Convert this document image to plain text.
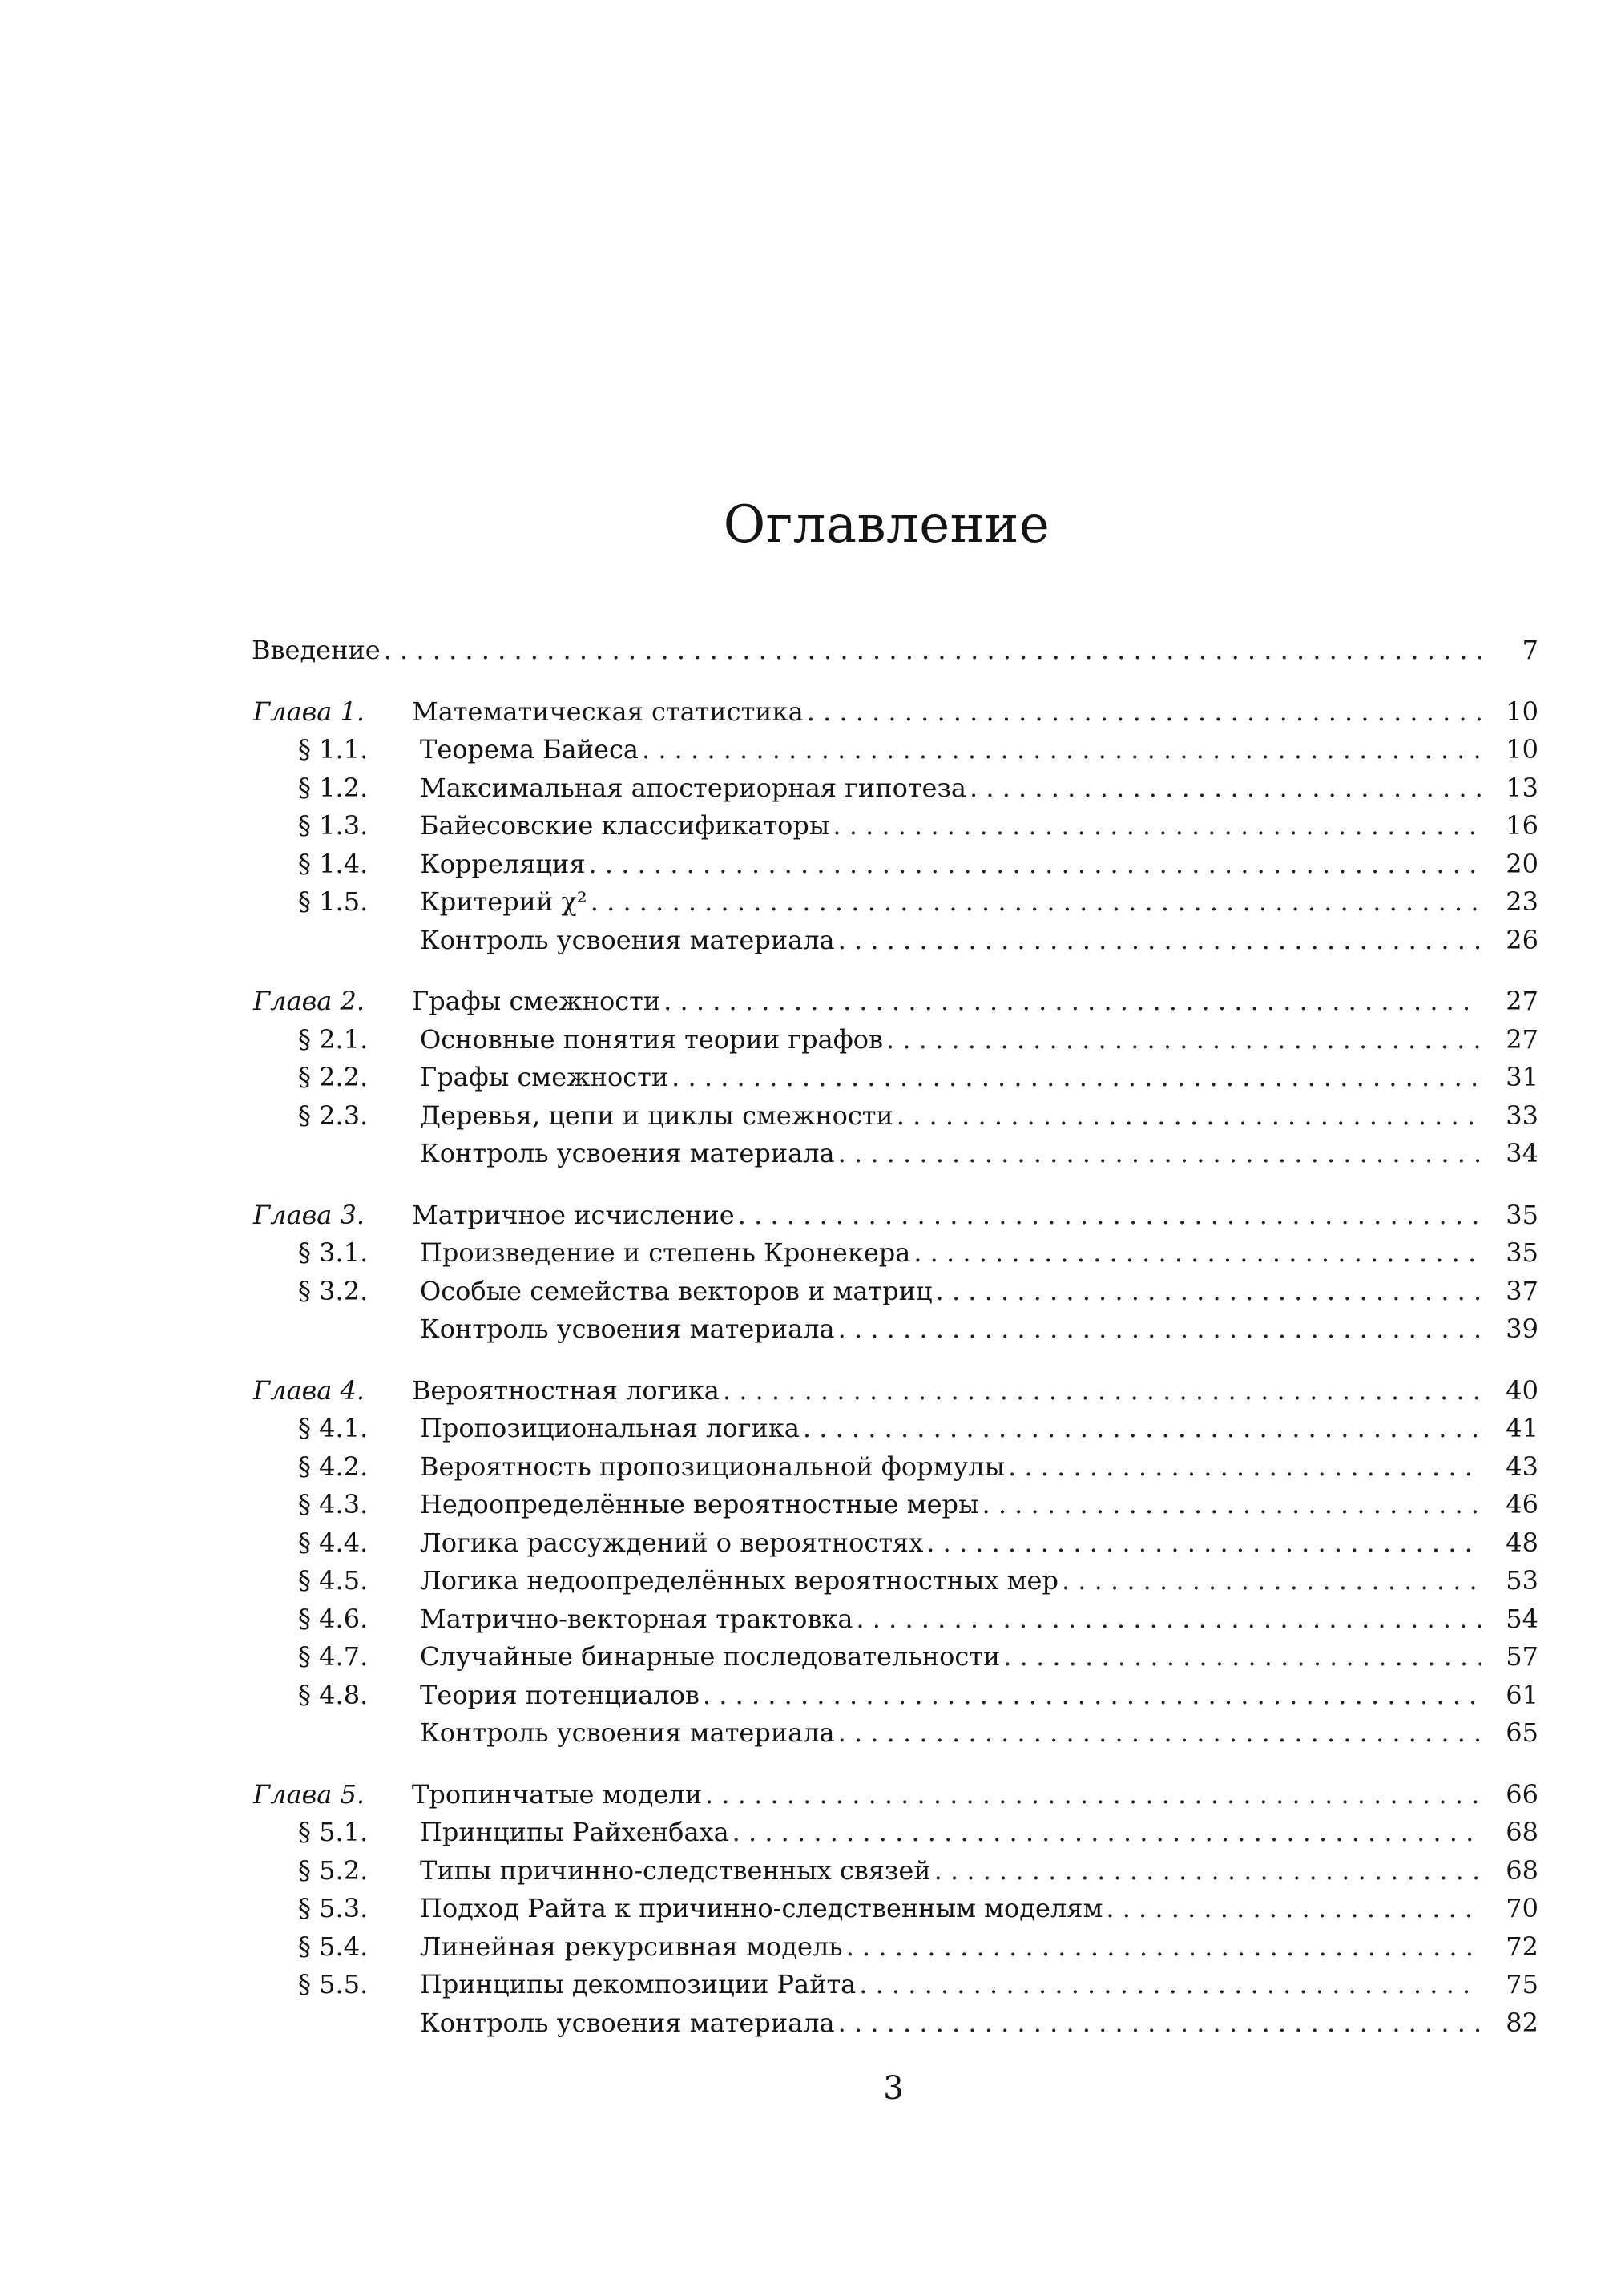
Оглавление
Введение . . .	7
Глава 1. Математическая статистика . . .	10
§ 1.1. Теорема Байеса . . .	10
§ 1.2. Максимальная апостериорная гипотеза . . .	13
§ 1.3. Байесовские классификаторы . . .	16
§ 1.4. Корреляция . . .	20
§ 1.5. Критерий χ² . . .	23
Контроль усвоения материала . . .	26
Глава 2. Графы смежности . . .	27
§ 2.1. Основные понятия теории графов . . .	27
§ 2.2. Графы смежности . . .	31
§ 2.3. Деревья, цепи и циклы смежности . . .	33
Контроль усвоения материала . . .	34
Глава 3. Матричное исчисление . . .	35
§ 3.1. Произведение и степень Кронекера . . .	35
§ 3.2. Особые семейства векторов и матриц . . .	37
Контроль усвоения материала . . .	39
Глава 4. Вероятностная логика . . .	40
§ 4.1. Пропозициональная логика . . .	41
§ 4.2. Вероятность пропозициональной формулы . . .	43
§ 4.3. Недоопределённые вероятностные меры . . .	46
§ 4.4. Логика рассуждений о вероятностях . . .	48
§ 4.5. Логика недоопределённых вероятностных мер . . .	53
§ 4.6. Матрично-векторная трактовка . . .	54
§ 4.7. Случайные бинарные последовательности . . .	57
§ 4.8. Теория потенциалов . . .	61
Контроль усвоения материала . . .	65
Глава 5. Тропинчатые модели . . .	66
§ 5.1. Принципы Райхенбаха . . .	68
§ 5.2. Типы причинно-следственных связей . . .	68
§ 5.3. Подход Райта к причинно-следственным моделям . . .	70
§ 5.4. Линейная рекурсивная модель . . .	72
§ 5.5. Принципы декомпозиции Райта . . .	75
Контроль усвоения материала . . .	82
3
